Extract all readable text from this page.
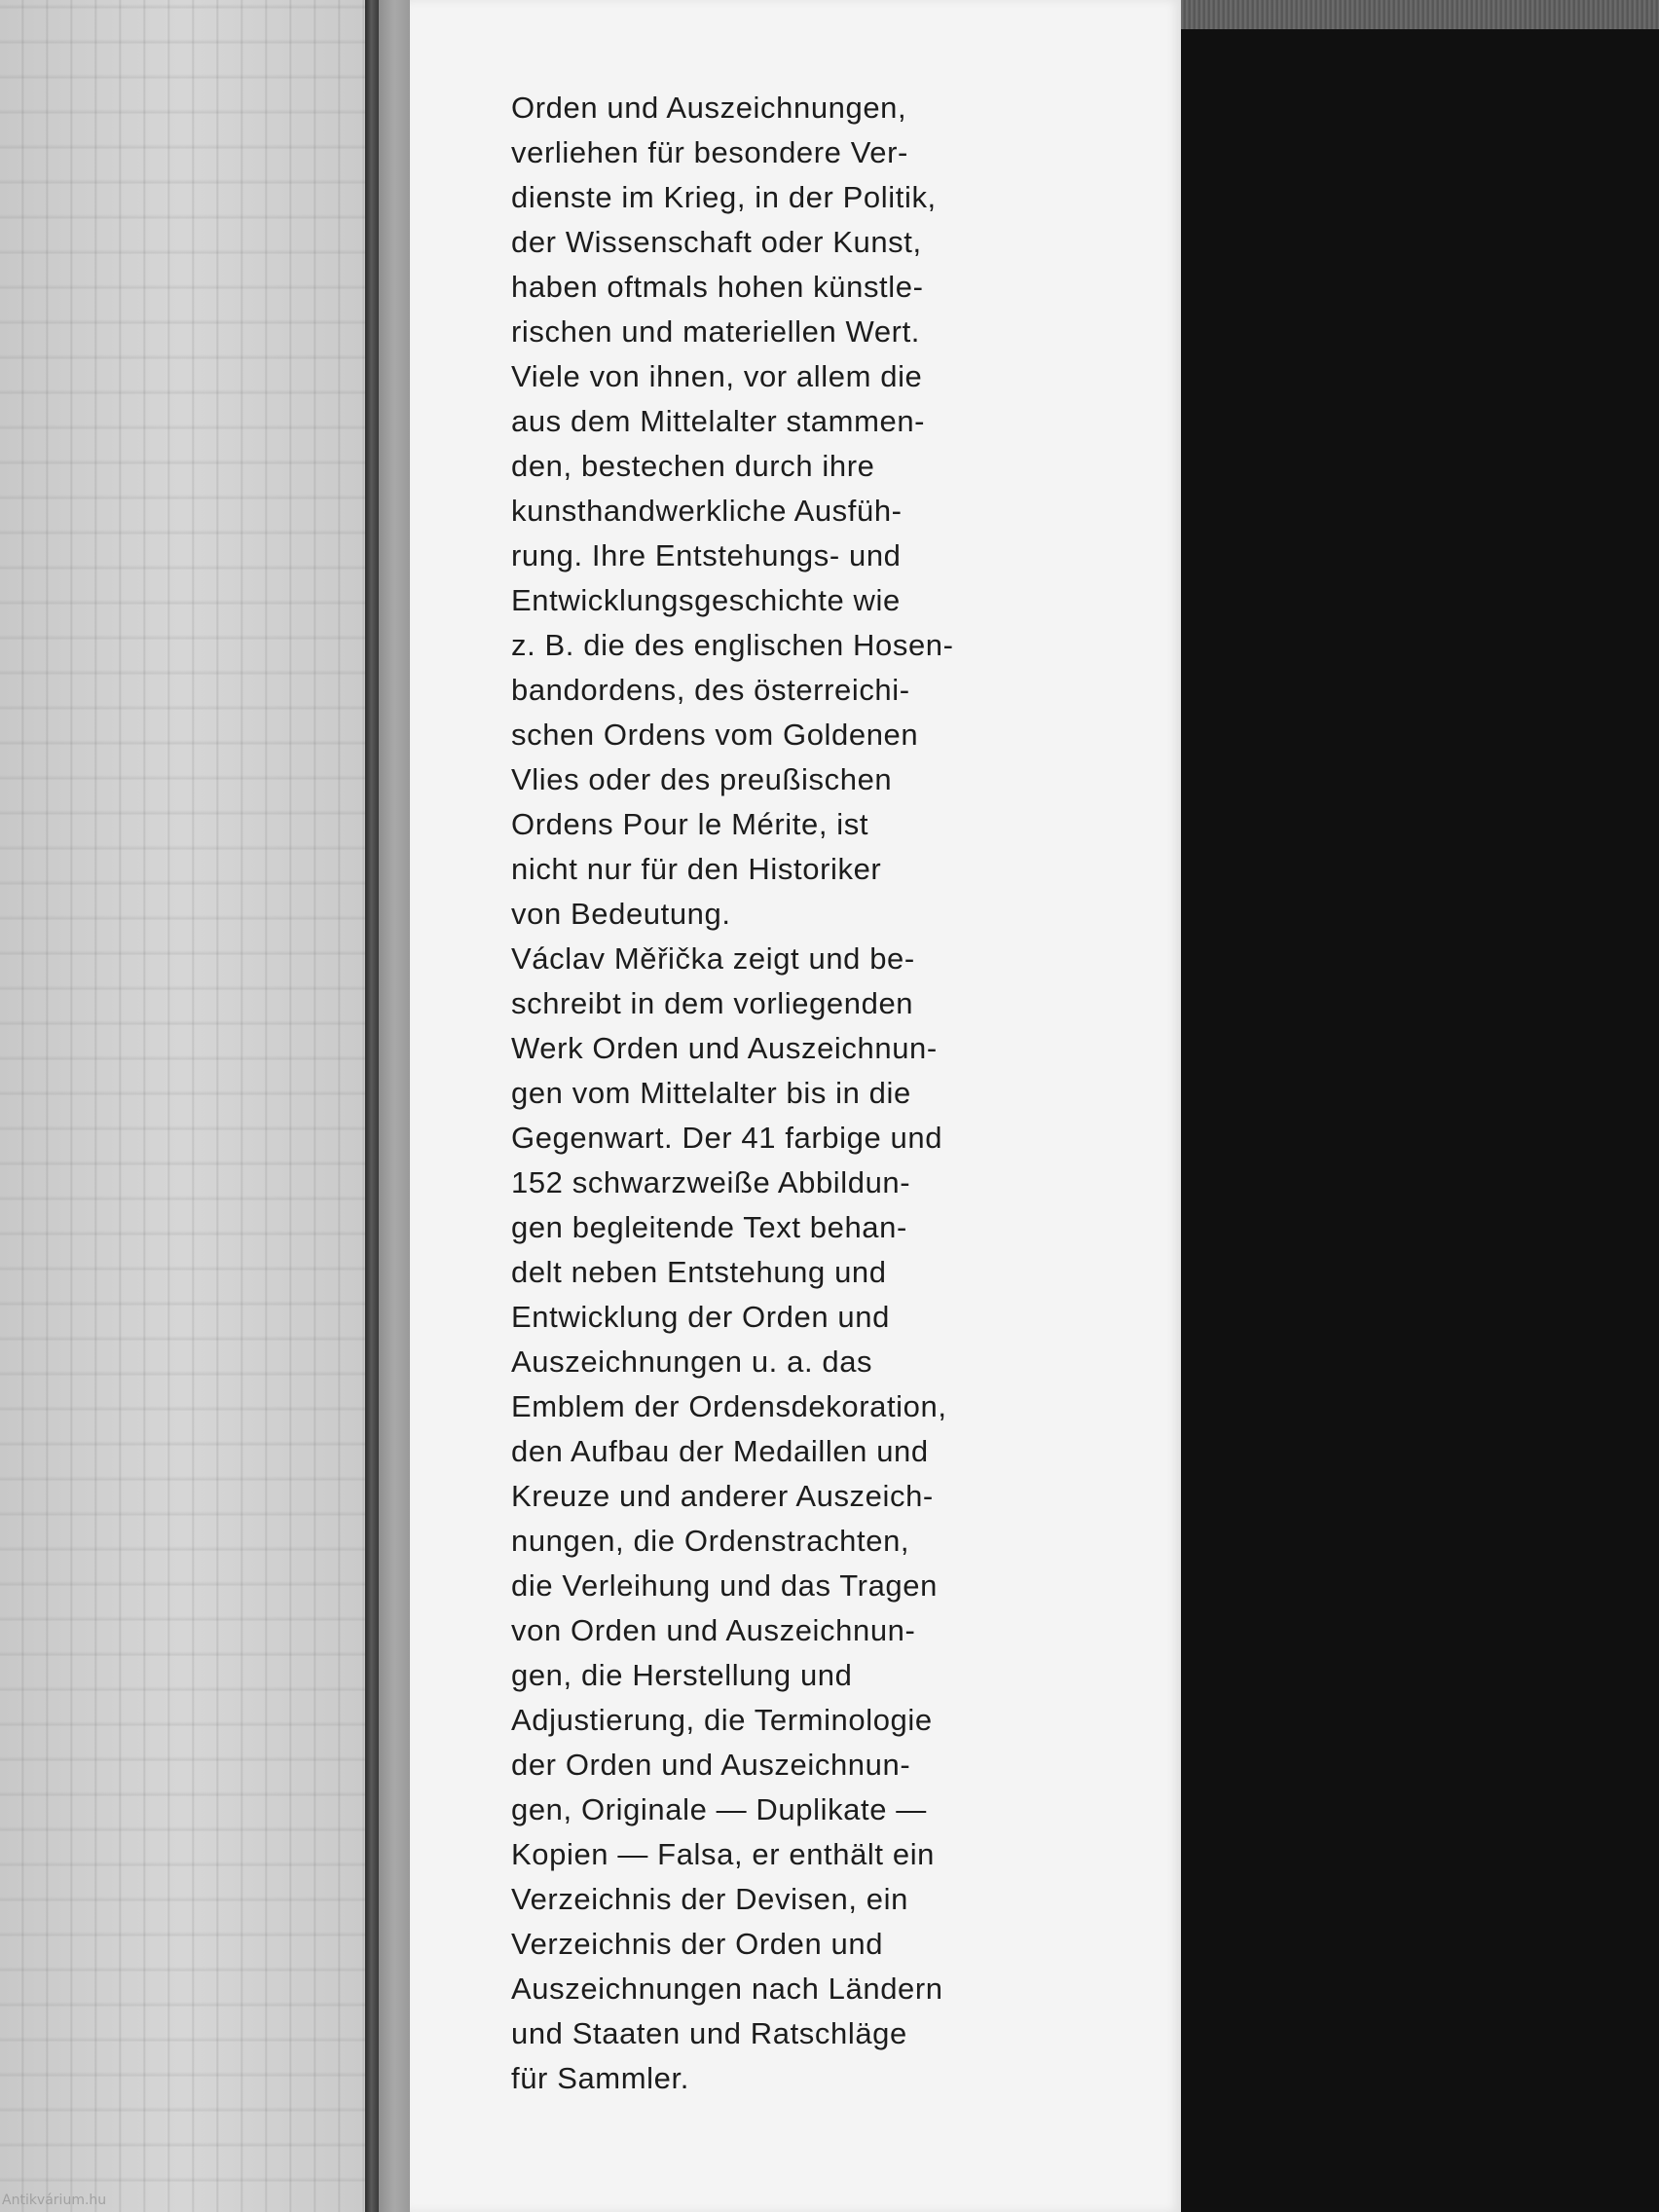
Orden und Auszeichnungen,
verliehen für besondere Ver-
dienste im Krieg, in der Politik,
der Wissenschaft oder Kunst,
haben oftmals hohen künstle-
rischen und materiellen Wert.
Viele von ihnen, vor allem die
aus dem Mittelalter stammen-
den, bestechen durch ihre
kunsthandwerkliche Ausfüh-
rung. Ihre Entstehungs- und
Entwicklungsgeschichte wie
z. B. die des englischen Hosen-
bandordens, des österreichi-
schen Ordens vom Goldenen
Vlies oder des preußischen
Ordens Pour le Mérite, ist
nicht nur für den Historiker
von Bedeutung.
Václav Měřička zeigt und be-
schreibt in dem vorliegenden
Werk Orden und Auszeichnun-
gen vom Mittelalter bis in die
Gegenwart. Der 41 farbige und
152 schwarzweiße Abbildun-
gen begleitende Text behan-
delt neben Entstehung und
Entwicklung der Orden und
Auszeichnungen u. a. das
Emblem der Ordensdekoration,
den Aufbau der Medaillen und
Kreuze und anderer Auszeich-
nungen, die Ordenstrachten,
die Verleihung und das Tragen
von Orden und Auszeichnun-
gen, die Herstellung und
Adjustierung, die Terminologie
der Orden und Auszeichnun-
gen, Originale — Duplikate —
Kopien — Falsa, er enthält ein
Verzeichnis der Devisen, ein
Verzeichnis der Orden und
Auszeichnungen nach Ländern
und Staaten und Ratschläge
für Sammler.

Antikvárium.hu
